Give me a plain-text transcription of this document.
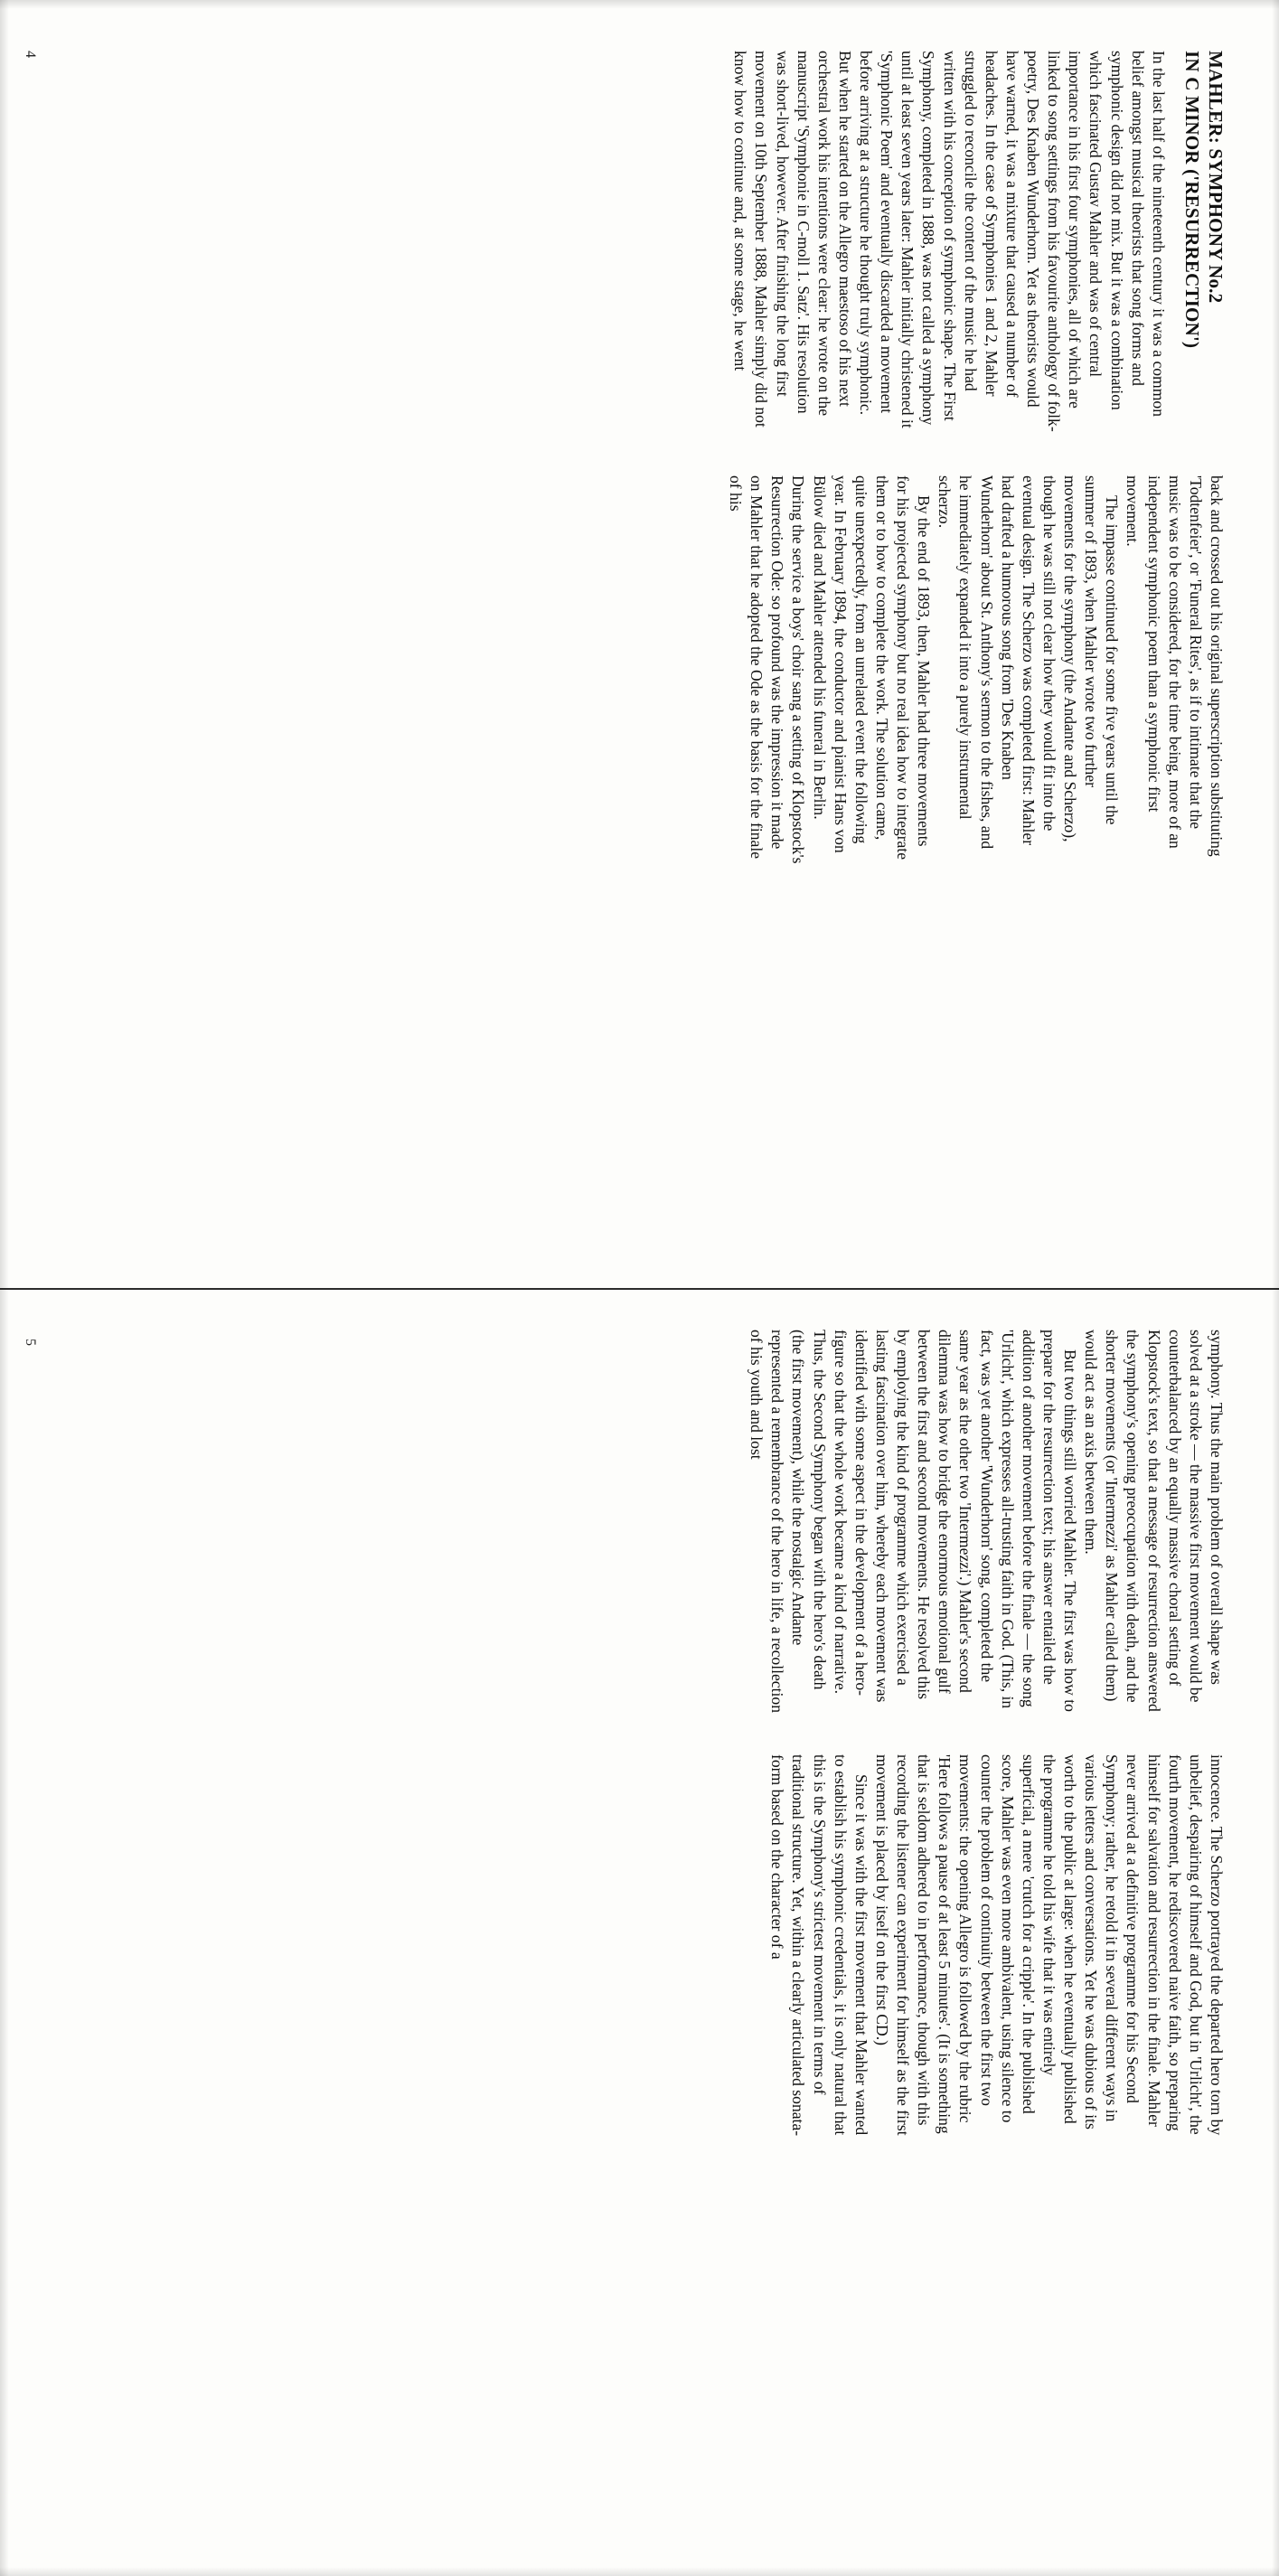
MAHLER: SYMPHONY No.2
IN C MINOR ('RESURRECTION')

In the last half of the nineteenth century it was a common belief amongst musical theorists that song forms and symphonic design did not mix. But it was a combination which fascinated Gustav Mahler and was of central importance in his first four symphonies, all of which are linked to song settings from his favourite anthology of folk-poetry, Des Knaben Wunderhorn. Yet as theorists would have warned, it was a mixture that caused a number of headaches. In the case of Symphonies 1 and 2, Mahler struggled to reconcile the content of the music he had written with his conception of symphonic shape. The First Symphony, completed in 1888, was not called a symphony until at least seven years later: Mahler initially christened it 'Symphonic Poem' and eventually discarded a movement before arriving at a structure he thought truly symphonic. But when he started on the Allegro maestoso of his next orchestral work his intentions were clear: he wrote on the manuscript 'Symphonie in C-moll 1. Satz'. His resolution was short-lived, however. After finishing the long first movement on 10th September 1888, Mahler simply did not know how to continue and, at some stage, he went

back and crossed out his original superscription substituting 'Todtenfeier', or 'Funeral Rites', as if to intimate that the music was to be considered, for the time being, more of an independent symphonic poem than a symphonic first movement.

The impasse continued for some five years until the summer of 1893, when Mahler wrote two further movements for the symphony (the Andante and Scherzo), though he was still not clear how they would fit into the eventual design. The Scherzo was completed first: Mahler had drafted a humorous song from 'Des Knaben Wunderhorn' about St. Anthony's sermon to the fishes, and he immediately expanded it into a purely instrumental scherzo.

By the end of 1893, then, Mahler had three movements for his projected symphony but no real idea how to integrate them or to how to complete the work. The solution came, quite unexpectedly, from an unrelated event the following year. In February 1894, the conductor and pianist Hans von Bülow died and Mahler attended his funeral in Berlin. During the service a boys' choir sang a setting of Klopstock's Resurrection Ode: so profound was the impression it made on Mahler that he adopted the Ode as the basis for the finale of his

symphony. Thus the main problem of overall shape was solved at a stroke — the massive first movement would be counterbalanced by an equally massive choral setting of Klopstock's text, so that a message of resurrection answered the symphony's opening preoccupation with death, and the shorter movements (or 'Intermezzi' as Mahler called them) would act as an axis between them.

But two things still worried Mahler. The first was how to prepare for the resurrection text; his answer entailed the addition of another movement before the finale — the song 'Urlicht', which expresses all-trusting faith in God. (This, in fact, was yet another 'Wunderhorn' song, completed the same year as the other two 'Intermezzi'.) Mahler's second dilemma was how to bridge the enormous emotional gulf between the first and second movements. He resolved this by employing the kind of programme which exercised a lasting fascination over him, whereby each movement was identified with some aspect in the development of a hero-figure so that the whole work became a kind of narrative. Thus, the Second Symphony began with the hero's death (the first movement), while the nostalgic Andante represented a remembrance of the hero in life, a recollection of his youth and lost

innocence. The Scherzo portrayed the departed hero torn by unbelief, despairing of himself and God, but in 'Urlicht', the fourth movement, he rediscovered naive faith, so preparing himself for salvation and resurrection in the finale. Mahler never arrived at a definitive programme for his Second Symphony; rather, he retold it in several different ways in various letters and conversations. Yet he was dubious of its worth to the public at large: when he eventually published the programme he told his wife that it was entirely superficial, a mere 'crutch for a cripple'. In the published score, Mahler was even more ambivalent, using silence to counter the problem of continuity between the first two movements: the opening Allegro is followed by the rubric 'Here follows a pause of at least 5 minutes'. (It is something that is seldom adhered to in performance, though with this recording the listener can experiment for himself as the first movement is placed by itself on the first CD.)

Since it was with the first movement that Mahler wanted to establish his symphonic credentials, it is only natural that this is the Symphony's strictest movement in terms of traditional structure. Yet, within a clearly articulated sonata-form based on the character of a

4
5
